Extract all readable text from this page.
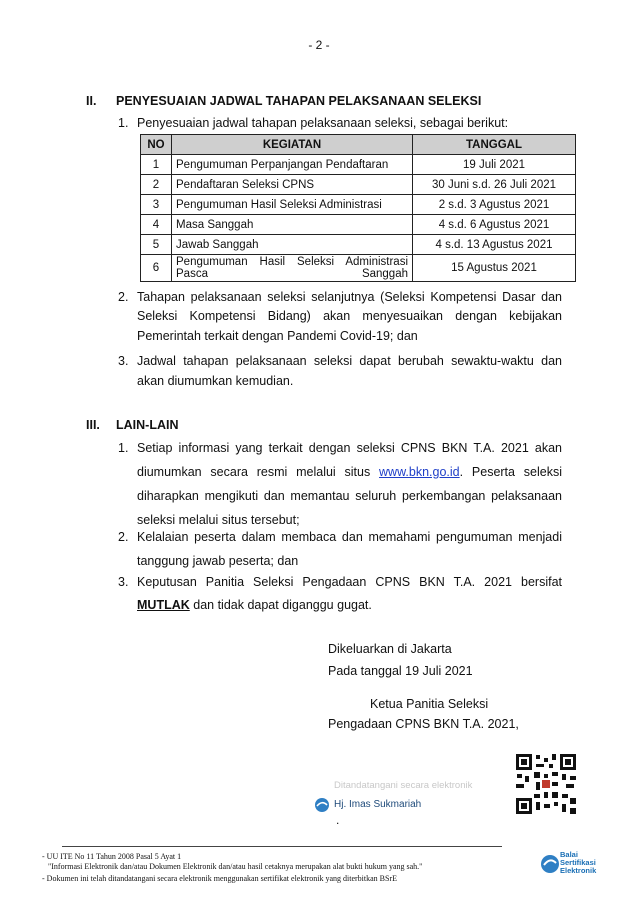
- 2 -
II. PENYESUAIAN JADWAL TAHAPAN PELAKSANAAN SELEKSI
1. Penyesuaian jadwal tahapan pelaksanaan seleksi, sebagai berikut:
NO	KEGIATAN	TANGGAL
1	Pengumuman Perpanjangan Pendaftaran	19 Juli 2021
2	Pendaftaran Seleksi CPNS	30 Juni s.d. 26 Juli 2021
3	Pengumuman Hasil Seleksi Administrasi	2 s.d. 3 Agustus 2021
4	Masa Sanggah	4 s.d. 6 Agustus 2021
5	Jawab Sanggah	4 s.d. 13 Agustus 2021
6	Pengumuman Hasil Seleksi Administrasi Pasca Sanggah	15 Agustus 2021
2. Tahapan pelaksanaan seleksi selanjutnya (Seleksi Kompetensi Dasar dan
Seleksi Kompetensi Bidang) akan menyesuaikan dengan kebijakan
Pemerintah terkait dengan Pandemi Covid-19; dan
3. Jadwal tahapan pelaksanaan seleksi dapat berubah sewaktu-waktu dan
akan diumumkan kemudian.
III. LAIN-LAIN
1. Setiap informasi yang terkait dengan seleksi CPNS BKN T.A. 2021 akan
diumumkan secara resmi melalui situs www.bkn.go.id. Peserta seleksi
diharapkan mengikuti dan memantau seluruh perkembangan pelaksanaan
seleksi melalui situs tersebut;
2. Kelalaian peserta dalam membaca dan memahami pengumuman menjadi
tanggung jawab peserta; dan
3. Keputusan Panitia Seleksi Pengadaan CPNS BKN T.A. 2021 bersifat
MUTLAK dan tidak dapat diganggu gugat.
Dikeluarkan di Jakarta
Pada tanggal 19 Juli 2021
Ketua Panitia Seleksi
Pengadaan CPNS BKN T.A. 2021,
Ditandatangani secara elektronik
Hj. Imas Sukmariah
.
- UU ITE No 11 Tahun 2008 Pasal 5 Ayat 1
"Informasi Elektronik dan/atau Dokumen Elektronik dan/atau hasil cetaknya merupakan alat bukti hukum yang sah."
- Dokumen ini telah ditandatangani secara elektronik menggunakan sertifikat elektronik yang diterbitkan BSrE
Balai
Sertifikasi
Elektronik
